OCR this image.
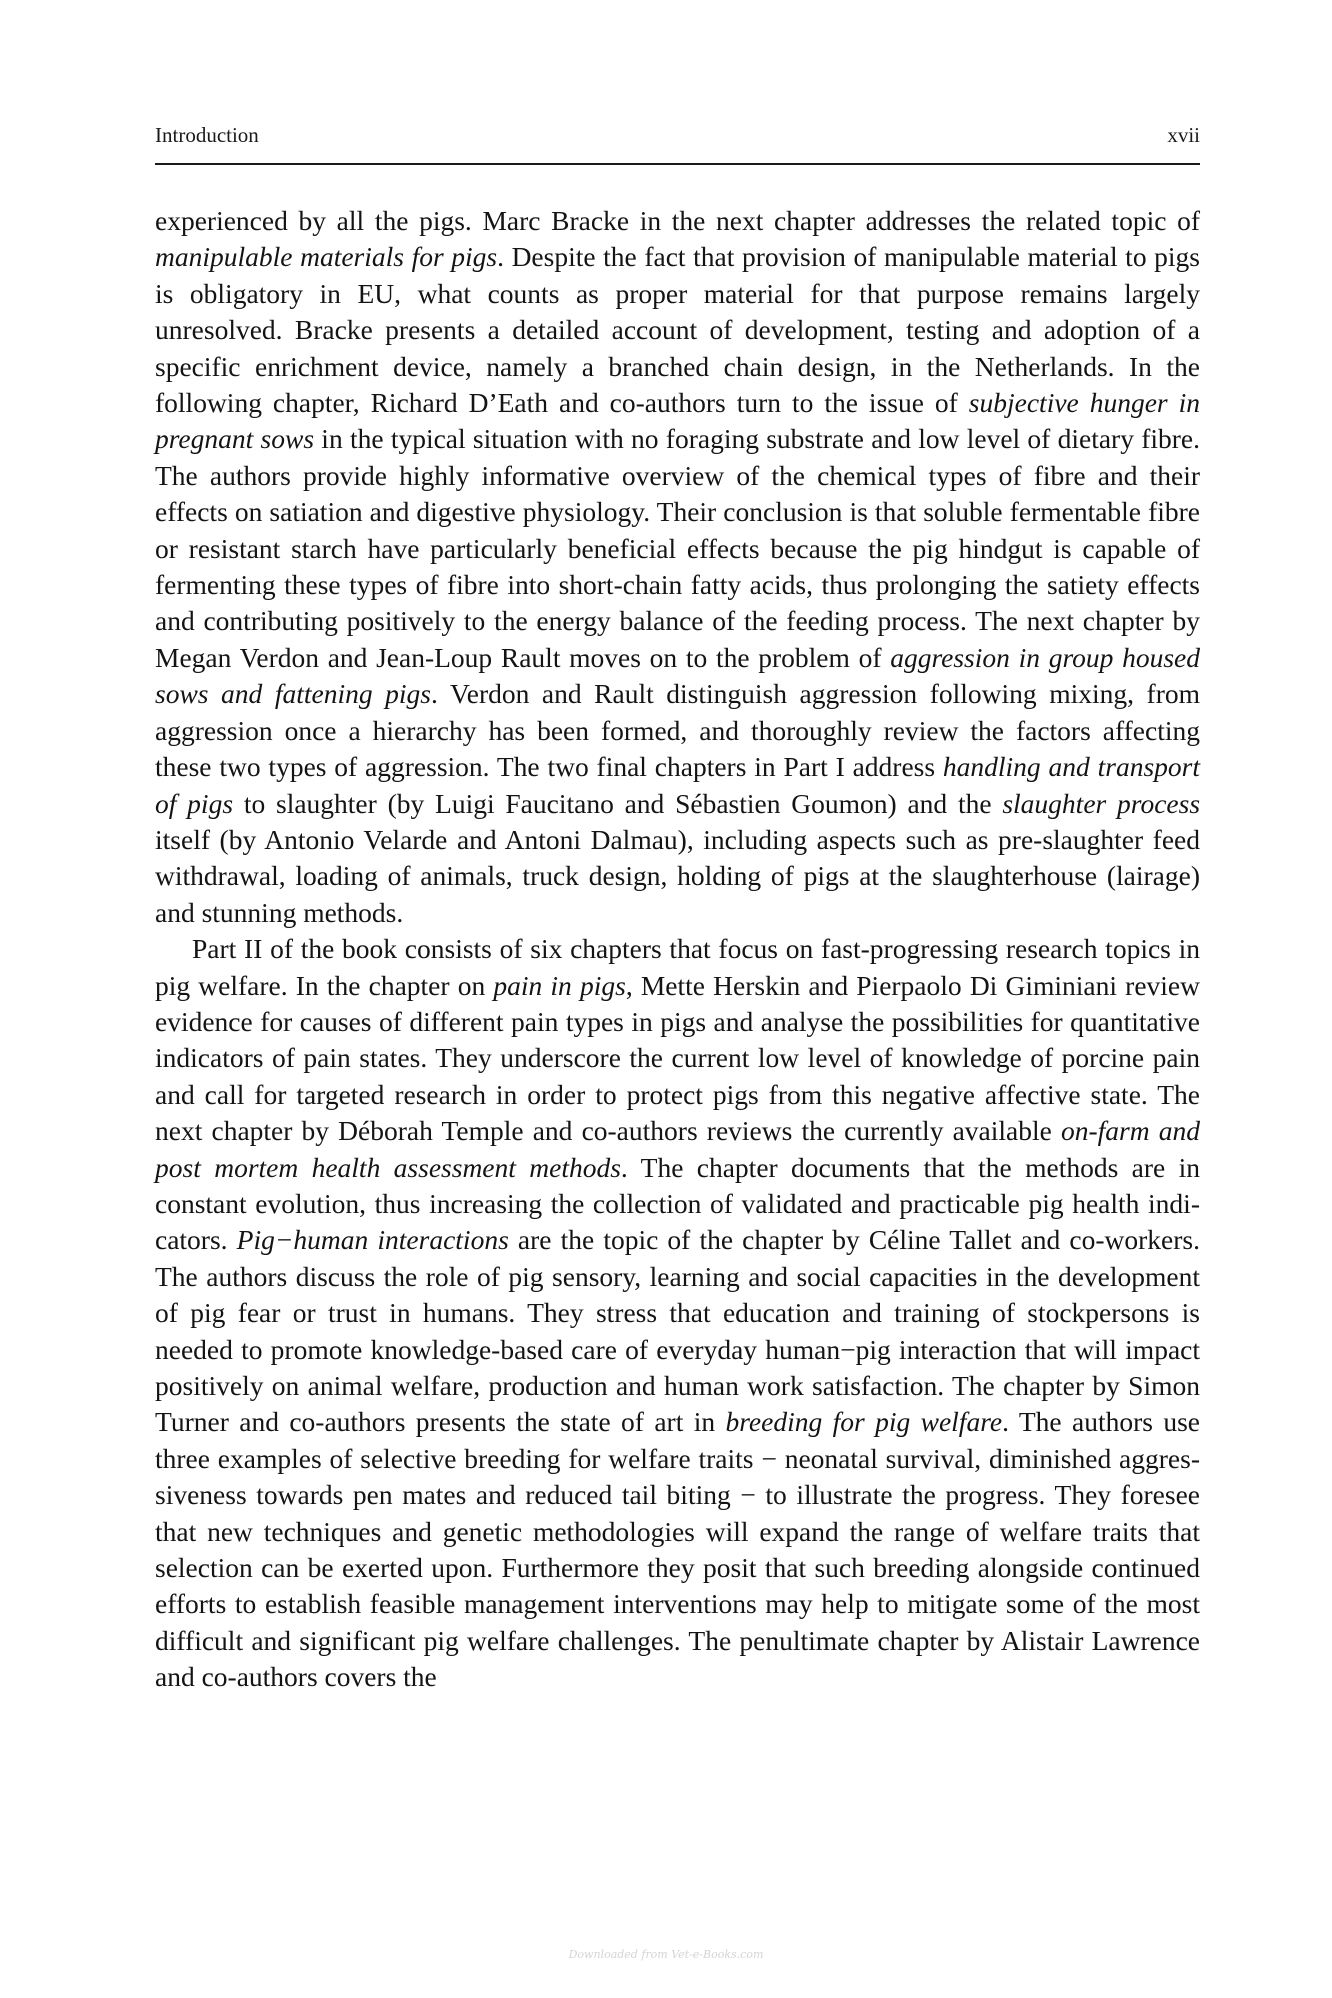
Introduction	xvii

experienced by all the pigs. Marc Bracke in the next chapter addresses the related topic of manipulable materials for pigs. Despite the fact that provision of manipulable material to pigs is obligatory in EU, what counts as proper material for that purpose remains largely unresolved. Bracke presents a detailed account of development, testing and adoption of a specific enrichment device, namely a branched chain design, in the Netherlands. In the following chapter, Richard D’Eath and co-authors turn to the issue of subjective hunger in pregnant sows in the typical situation with no foraging substrate and low level of dietary fibre. The authors provide highly informative overview of the chemical types of fibre and their effects on satiation and digestive physiology. Their conclusion is that soluble fermentable fibre or resistant starch have particularly beneficial effects because the pig hindgut is capable of fermenting these types of fibre into short-chain fatty acids, thus prolonging the satiety effects and contributing positively to the energy balance of the feeding process. The next chapter by Megan Verdon and Jean-Loup Rault moves on to the problem of aggression in group housed sows and fattening pigs. Verdon and Rault distinguish aggression following mixing, from aggression once a hierarchy has been formed, and thoroughly review the factors affecting these two types of aggression. The two final chapters in Part I address handling and transport of pigs to slaughter (by Luigi Faucitano and Sébastien Goumon) and the slaughter process itself (by Antonio Velarde and Antoni Dalmau), including aspects such as pre-slaughter feed withdrawal, loading of animals, truck design, holding of pigs at the slaughterhouse (lairage) and stunning methods.

Part II of the book consists of six chapters that focus on fast-progressing research topics in pig welfare. In the chapter on pain in pigs, Mette Herskin and Pierpaolo Di Giminiani review evidence for causes of different pain types in pigs and analyse the possibilities for quantitative indicators of pain states. They underscore the current low level of knowledge of porcine pain and call for targeted research in order to protect pigs from this negative affective state. The next chapter by Déborah Temple and co-authors reviews the currently available on-farm and post mortem health assessment methods. The chapter documents that the methods are in constant evolution, thus increasing the collection of validated and practicable pig health indicators. Pig−human interactions are the topic of the chapter by Céline Tallet and co-workers. The authors discuss the role of pig sensory, learning and social capacities in the development of pig fear or trust in humans. They stress that education and training of stockpersons is needed to promote knowledge-based care of everyday human−pig interaction that will impact positively on animal welfare, production and human work satisfaction. The chapter by Simon Turner and co-authors presents the state of art in breeding for pig welfare. The authors use three examples of selective breeding for welfare traits − neonatal survival, diminished aggressiveness towards pen mates and reduced tail biting − to illustrate the progress. They foresee that new techniques and genetic methodologies will expand the range of welfare traits that selection can be exerted upon. Furthermore they posit that such breeding alongside continued efforts to establish feasible management interventions may help to mitigate some of the most difficult and significant pig welfare challenges. The penultimate chapter by Alistair Lawrence and co-authors covers the

Downloaded from Vet-e-Books.com
